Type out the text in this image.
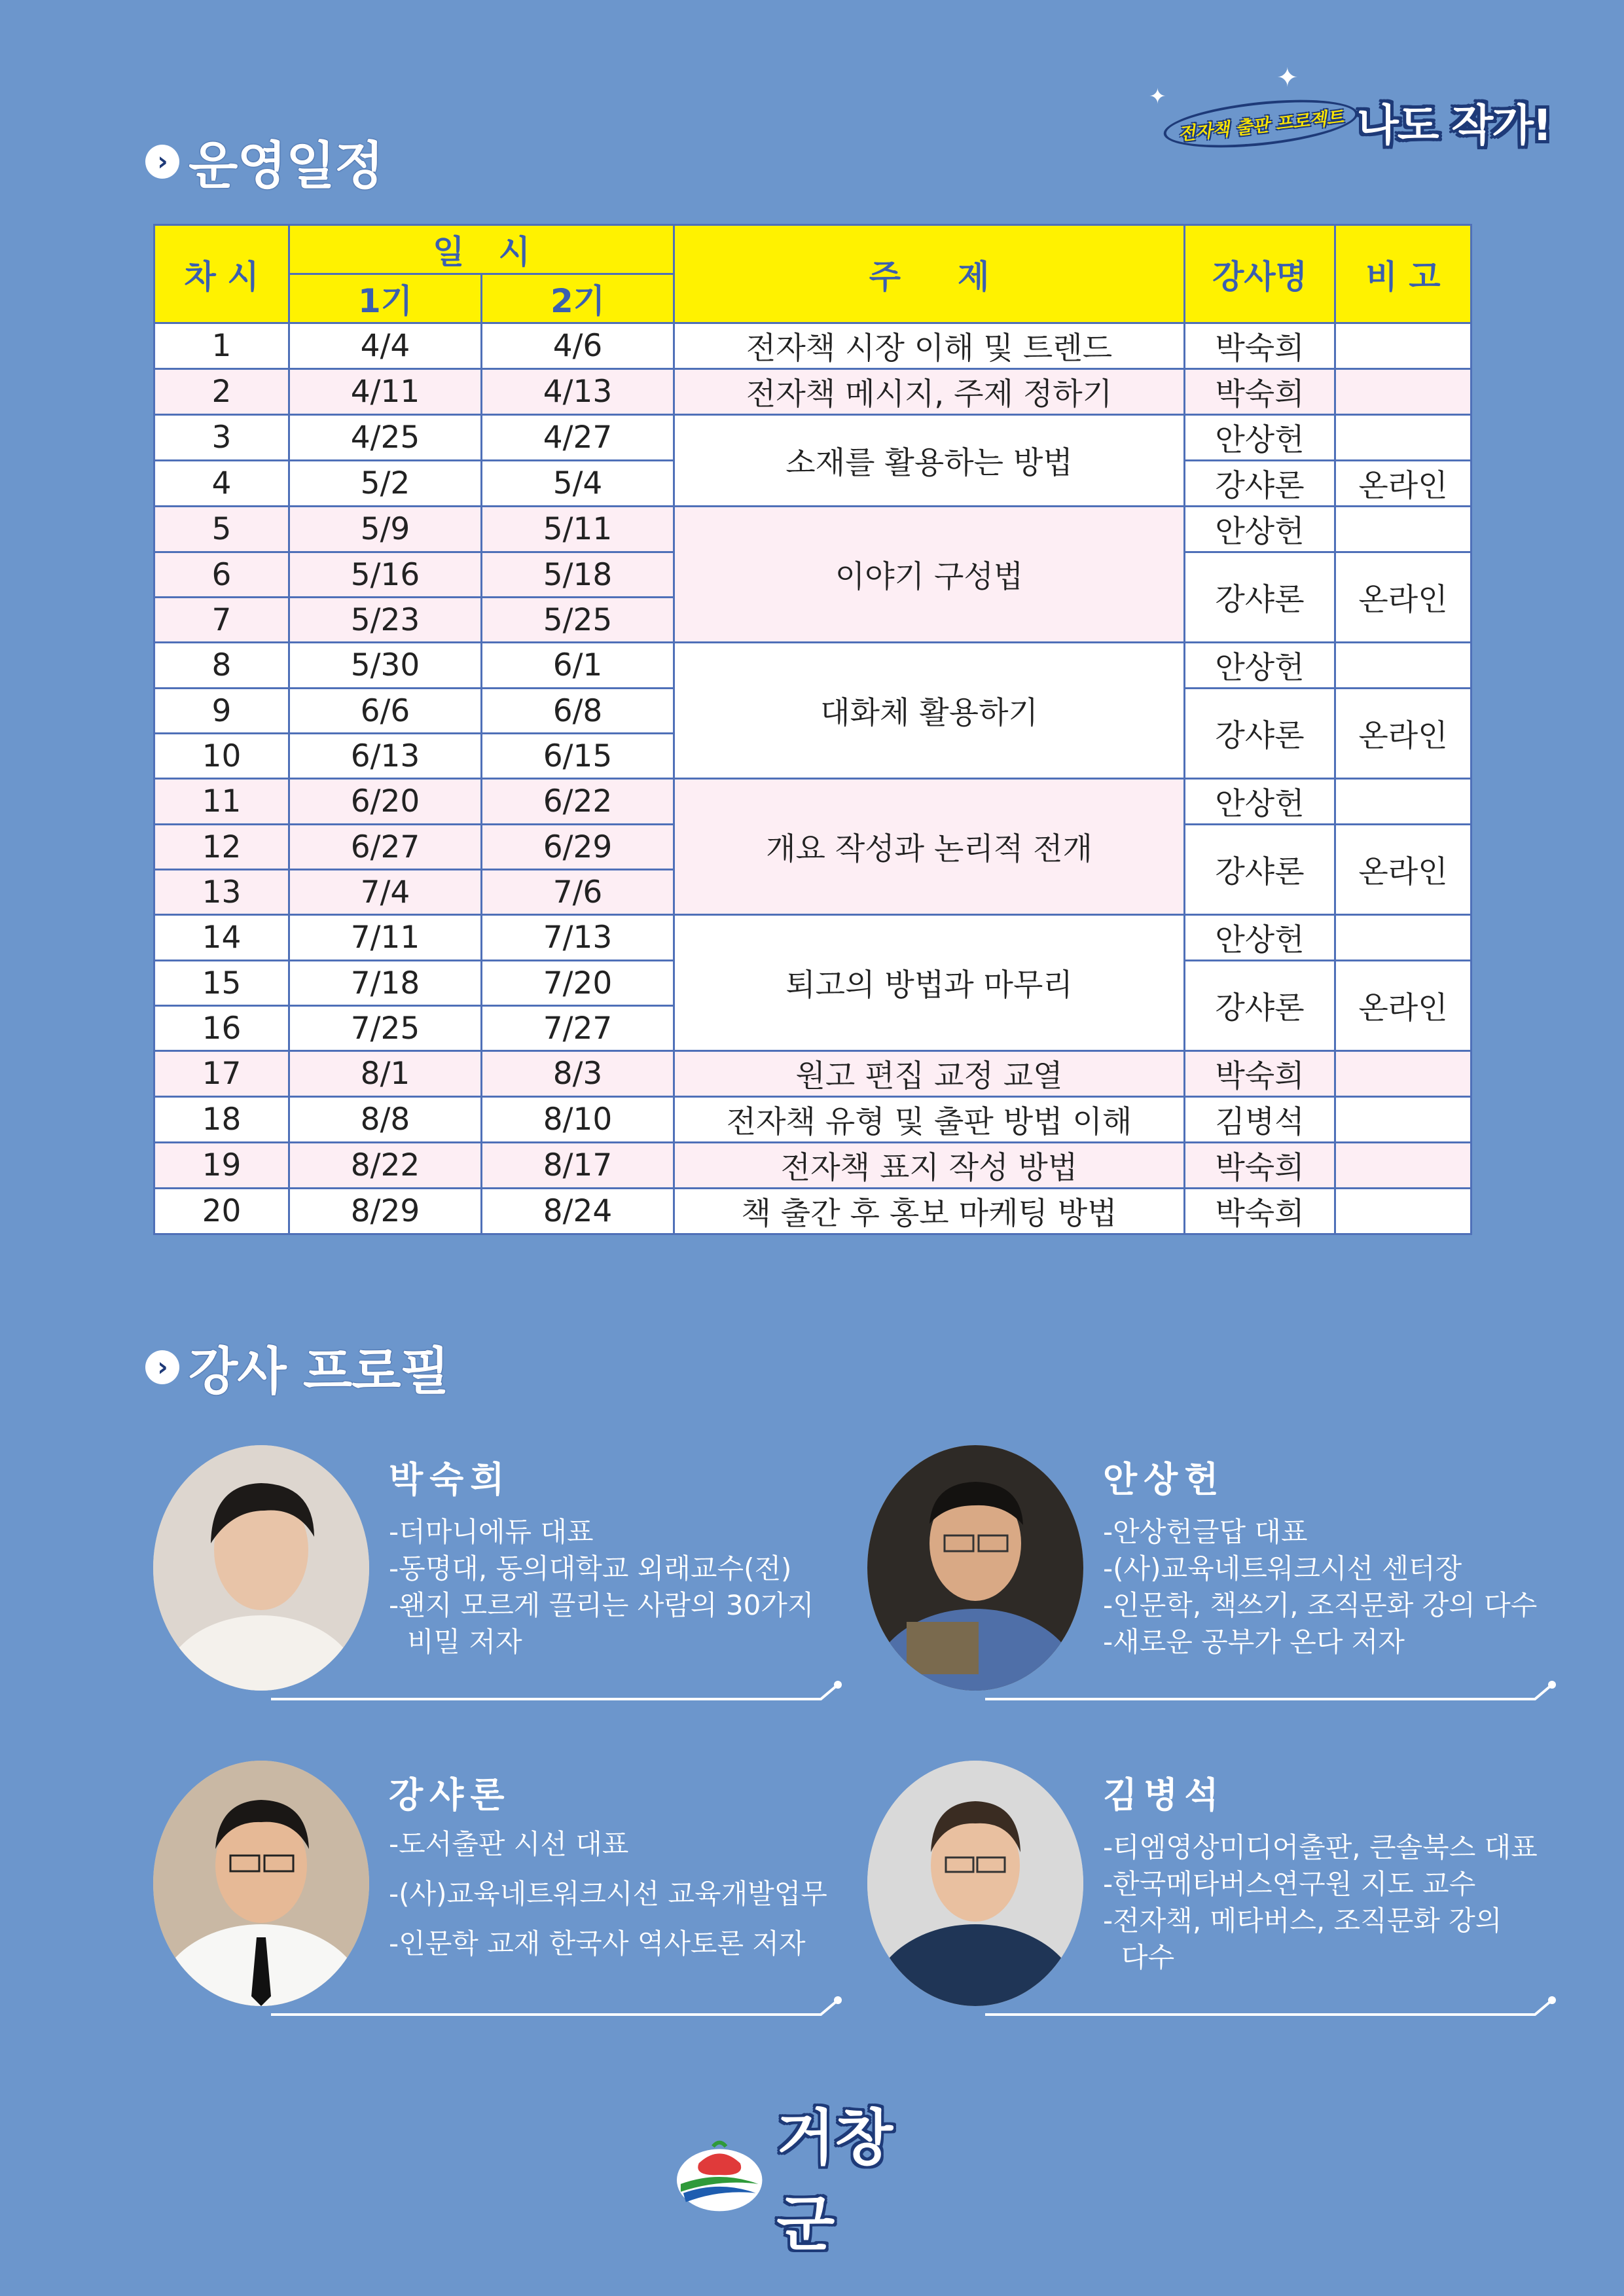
✦
✦
전자책 출판 프로젝트 나도 작가!
› 운영일정
차 시	일   시		주     제	강사명	비 고
	1기	2기			
1	4/4	4/6	전자책 시장 이해 및 트렌드	박숙희	
2	4/11	4/13	전자책 메시지, 주제 정하기	박숙희	
3	4/25	4/27	소재를 활용하는 방법	안상헌	
4	5/2	5/4		강샤론	온라인
5	5/9	5/11	이야기 구성법	안상헌	
6	5/16	5/18		강샤론	온라인
7	5/23	5/25			
8	5/30	6/1	대화체 활용하기	안상헌	
9	6/6	6/8		강샤론	온라인
10	6/13	6/15			
11	6/20	6/22	개요 작성과 논리적 전개	안상헌	
12	6/27	6/29		강샤론	온라인
13	7/4	7/6			
14	7/11	7/13	퇴고의 방법과 마무리	안상헌	
15	7/18	7/20		강샤론	온라인
16	7/25	7/27			
17	8/1	8/3	원고 편집 교정 교열	박숙희	
18	8/8	8/10	전자책 유형 및 출판 방법 이해	김병석	
19	8/22	8/17	전자책 표지 작성 방법	박숙희	
20	8/29	8/24	책 출간 후 홍보 마케팅 방법	박숙희	
› 강사 프로필
박숙희
-더마니에듀 대표
-동명대, 동의대학교 외래교수(전)
-왠지 모르게 끌리는 사람의 30가지
비밀 저자
안상헌
-안상헌글답 대표
-(사)교육네트워크시선 센터장
-인문학, 책쓰기, 조직문화 강의 다수
-새로운 공부가 온다 저자
강샤론
-도서출판 시선 대표
-(사)교육네트워크시선 교육개발업무
-인문학 교재 한국사 역사토론 저자
김병석
-티엠영상미디어출판, 큰솔북스 대표
-한국메타버스연구원 지도 교수
-전자책, 메타버스, 조직문화 강의
다수
거창군
